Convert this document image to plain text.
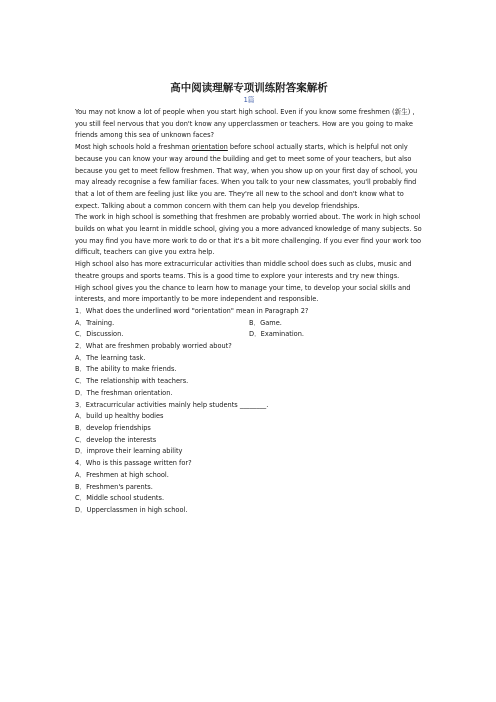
高中阅读理解专项训练附答案解析
1篇

You may not know a lot of people when you start high school. Even if you know some freshmen (新生) , you still feel nervous that you don't know any upperclassmen or teachers. How are you going to make friends among this sea of unknown faces?

Most high schools hold a freshman orientation before school actually starts, which is helpful not only because you can know your way around the building and get to meet some of your teachers, but also because you get to meet fellow freshmen. That way, when you show up on your first day of school, you may already recognise a few familiar faces. When you talk to your new classmates, you'll probably find that a lot of them are feeling just like you are. They're all new to the school and don't know what to expect. Talking about a common concern with them can help you develop friendships.

The work in high school is something that freshmen are probably worried about. The work in high school builds on what you learnt in middle school, giving you a more advanced knowledge of many subjects. So you may find you have more work to do or that it's a bit more challenging. If you ever find your work too difficult, teachers can give you extra help.

High school also has more extracurricular activities than middle school does such as clubs, music and theatre groups and sports teams. This is a good time to explore your interests and try new things.

High school gives you the chance to learn how to manage your time, to develop your social skills and interests, and more importantly to be more independent and responsible.

1．What does the underlined word "orientation" mean in Paragraph 2?

A．Training.	B．Game.
C．Discussion.	D．Examination.

2．What are freshmen probably worried about?

A．The learning task.

B．The ability to make friends.

C．The relationship with teachers.

D．The freshman orientation.

3．Extracurricular activities mainly help students ________.

A．build up healthy bodies

B．develop friendships

C．develop the interests

D．improve their learning ability

4．Who is this passage written for?

A．Freshmen at high school.

B．Freshmen's parents.

C．Middle school students.

D．Upperclassmen in high school.
